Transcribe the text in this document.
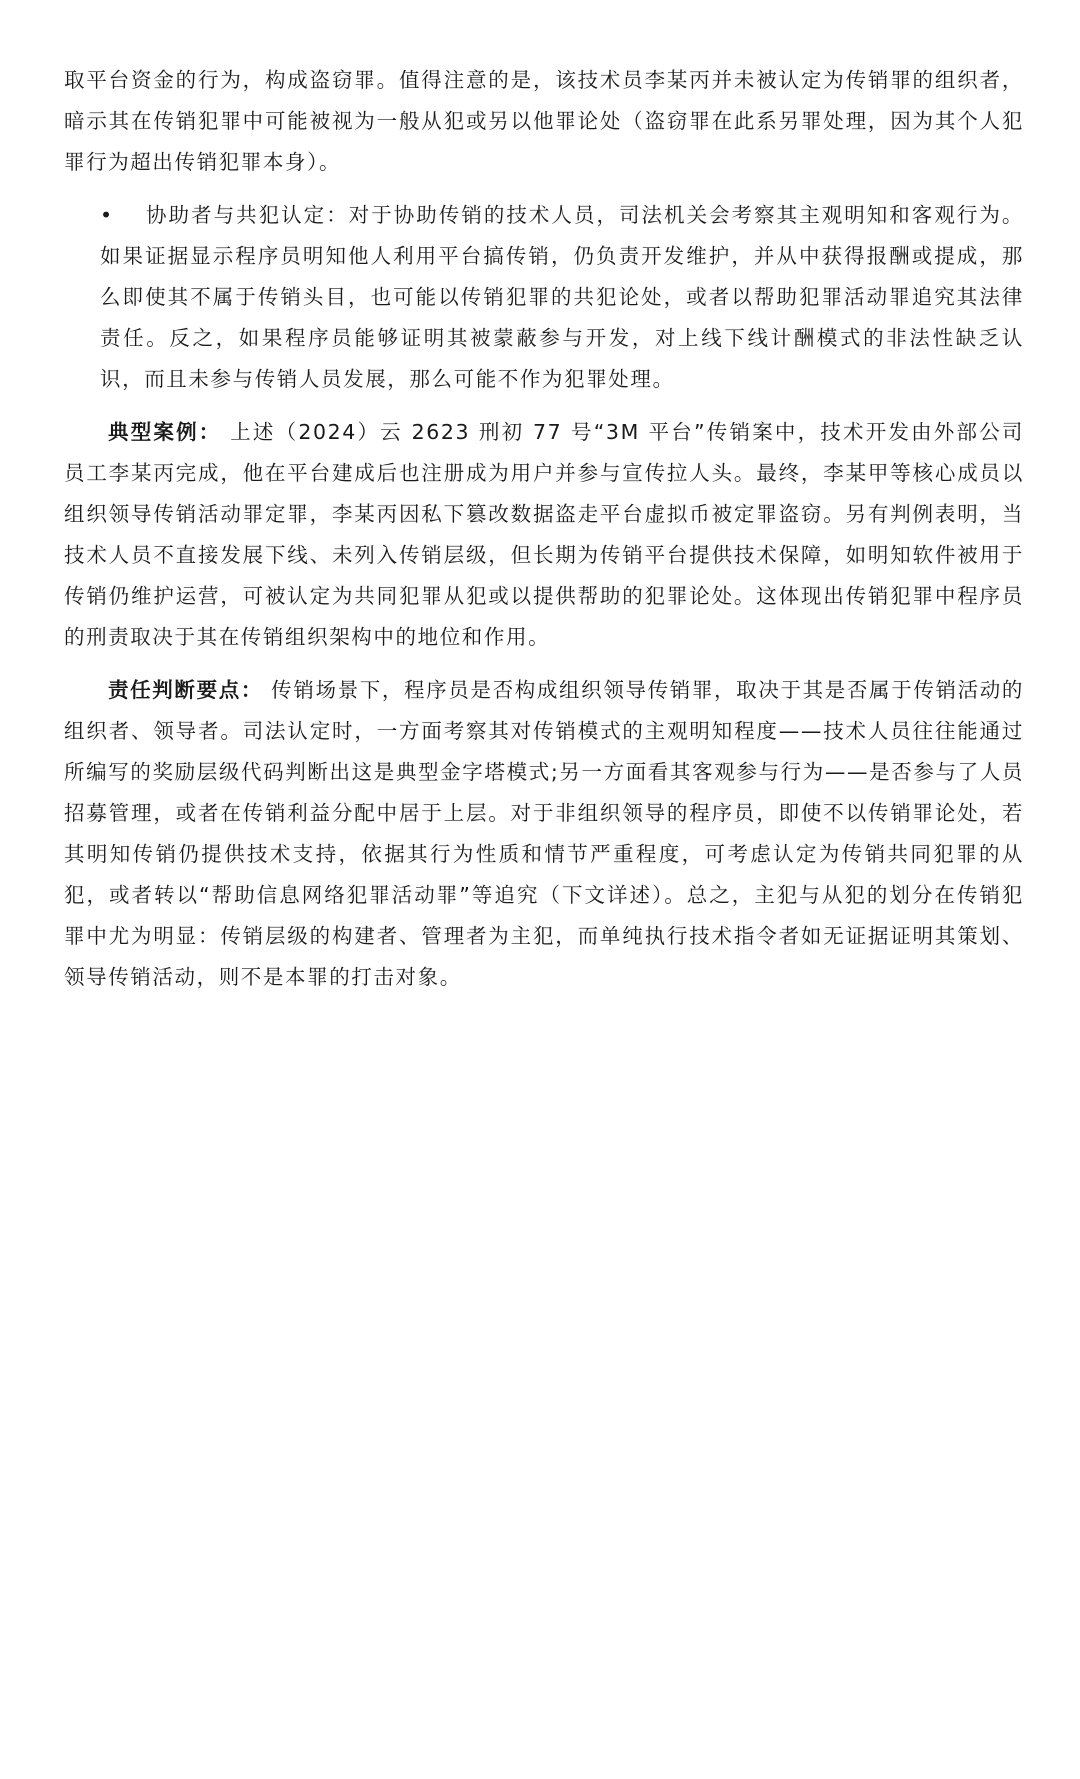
取平台资金的行为，构成盗窃罪。值得注意的是，该技术员李某丙并未被认定为传销罪的组织者，暗示其在传销犯罪中可能被视为一般从犯或另以他罪论处（盗窃罪在此系另罪处理，因为其个人犯罪行为超出传销犯罪本身）。

•	协助者与共犯认定：对于协助传销的技术人员，司法机关会考察其主观明知和客观行为。如果证据显示程序员明知他人利用平台搞传销，仍负责开发维护，并从中获得报酬或提成，那么即使其不属于传销头目，也可能以传销犯罪的共犯论处，或者以帮助犯罪活动罪追究其法律责任。反之，如果程序员能够证明其被蒙蔽参与开发，对上线下线计酬模式的非法性缺乏认识，而且未参与传销人员发展，那么可能不作为犯罪处理。

典型案例： 上述（2024）云 2623 刑初 77 号“3M 平台”传销案中，技术开发由外部公司员工李某丙完成，他在平台建成后也注册成为用户并参与宣传拉人头。最终，李某甲等核心成员以组织领导传销活动罪定罪，李某丙因私下篡改数据盗走平台虚拟币被定罪盗窃。另有判例表明，当技术人员不直接发展下线、未列入传销层级，但长期为传销平台提供技术保障，如明知软件被用于传销仍维护运营，可被认定为共同犯罪从犯或以提供帮助的犯罪论处。这体现出传销犯罪中程序员的刑责取决于其在传销组织架构中的地位和作用。

责任判断要点： 传销场景下，程序员是否构成组织领导传销罪，取决于其是否属于传销活动的组织者、领导者。司法认定时，一方面考察其对传销模式的主观明知程度——技术人员往往能通过所编写的奖励层级代码判断出这是典型金字塔模式;另一方面看其客观参与行为——是否参与了人员招募管理，或者在传销利益分配中居于上层。对于非组织领导的程序员，即使不以传销罪论处，若其明知传销仍提供技术支持，依据其行为性质和情节严重程度，可考虑认定为传销共同犯罪的从犯，或者转以“帮助信息网络犯罪活动罪”等追究（下文详述）。总之，主犯与从犯的划分在传销犯罪中尤为明显：传销层级的构建者、管理者为主犯，而单纯执行技术指令者如无证据证明其策划、领导传销活动，则不是本罪的打击对象。
